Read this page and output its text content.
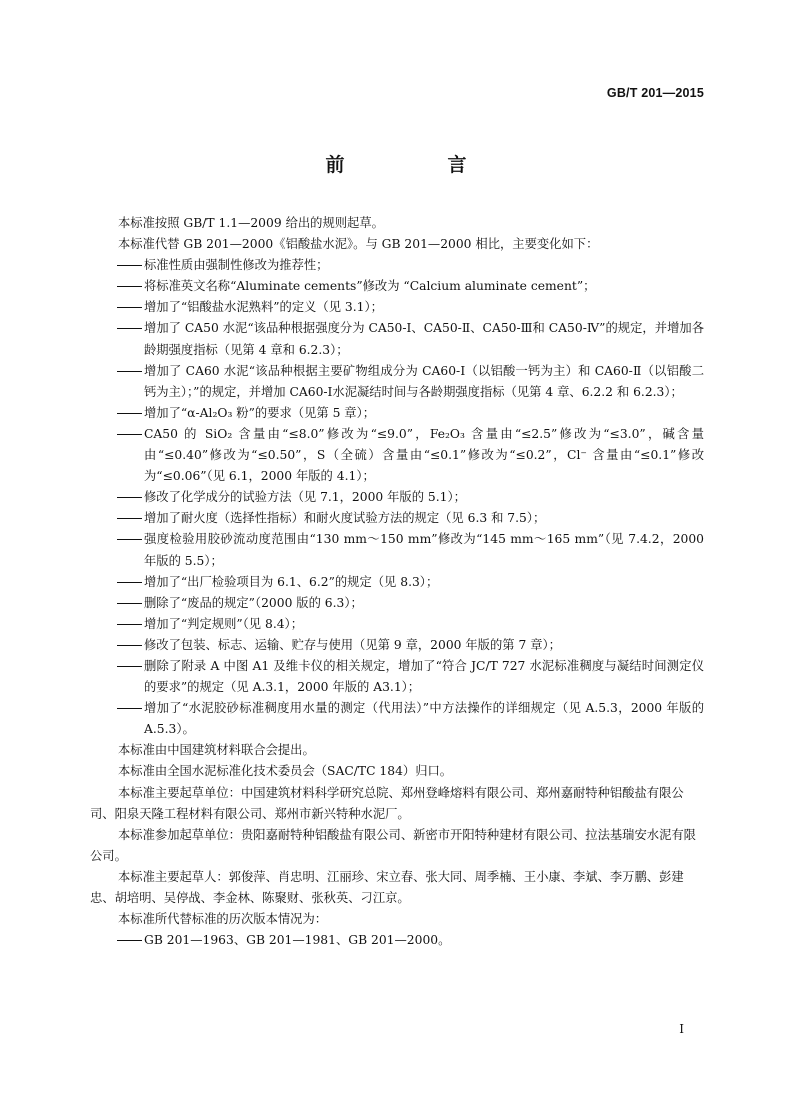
GB/T 201—2015
前　言

本标准按照 GB/T 1.1—2009 给出的规则起草。

本标准代替 GB 201—2000《铝酸盐水泥》。与 GB 201—2000 相比，主要变化如下：

标准性质由强制性修改为推荐性；
将标准英文名称“Aluminate cements”修改为 “Calcium aluminate cement”；
增加了“铝酸盐水泥熟料”的定义（见 3.1）；
增加了 CA50 水泥“该品种根据强度分为 CA50-Ⅰ、CA50-Ⅱ、CA50-Ⅲ和 CA50-Ⅳ”的规定，并增加各龄期强度指标（见第 4 章和 6.2.3）；
增加了 CA60 水泥“该品种根据主要矿物组成分为 CA60-Ⅰ（以铝酸一钙为主）和 CA60-Ⅱ（以铝酸二钙为主）；”的规定，并增加 CA60-Ⅰ水泥凝结时间与各龄期强度指标（见第 4 章、6.2.2 和 6.2.3）；
增加了“α-Al₂O₃ 粉”的要求（见第 5 章）；
CA50 的 SiO₂ 含量由“≤8.0”修改为“≤9.0”，Fe₂O₃ 含量由“≤2.5”修改为“≤3.0”，碱含量由“≤0.40”修改为“≤0.50”，S（全硫）含量由“≤0.1”修改为“≤0.2”，Cl⁻ 含量由“≤0.1”修改为“≤0.06”（见 6.1，2000 年版的 4.1）；
修改了化学成分的试验方法（见 7.1，2000 年版的 5.1）；
增加了耐火度（选择性指标）和耐火度试验方法的规定（见 6.3 和 7.5）；
强度检验用胶砂流动度范围由“130 mm～150 mm”修改为“145 mm～165 mm”（见 7.4.2，2000 年版的 5.5）；
增加了“出厂检验项目为 6.1、6.2”的规定（见 8.3）；
删除了“废品的规定”（2000 版的 6.3）；
增加了“判定规则”（见 8.4）；
修改了包装、标志、运输、贮存与使用（见第 9 章，2000 年版的第 7 章）；
删除了附录 A 中图 A1 及维卡仪的相关规定，增加了“符合 JC/T 727 水泥标准稠度与凝结时间测定仪的要求”的规定（见 A.3.1，2000 年版的 A3.1）；
增加了“水泥胶砂标准稠度用水量的测定（代用法）”中方法操作的详细规定（见 A.5.3，2000 年版的 A.5.3）。

本标准由中国建筑材料联合会提出。

本标准由全国水泥标准化技术委员会（SAC/TC 184）归口。

本标准主要起草单位：中国建筑材料科学研究总院、郑州登峰熔料有限公司、郑州嘉耐特种铝酸盐有限公司、阳泉天隆工程材料有限公司、郑州市新兴特种水泥厂。

本标准参加起草单位：贵阳嘉耐特种铝酸盐有限公司、新密市开阳特种建材有限公司、拉法基瑞安水泥有限公司。

本标准主要起草人：郭俊萍、肖忠明、江丽珍、宋立春、张大同、周季楠、王小康、李斌、李万鹏、彭建忠、胡培明、吴停战、李金林、陈聚财、张秋英、刁江京。

本标准所代替标准的历次版本情况为：

GB 201—1963、GB 201—1981、GB 201—2000。
I
